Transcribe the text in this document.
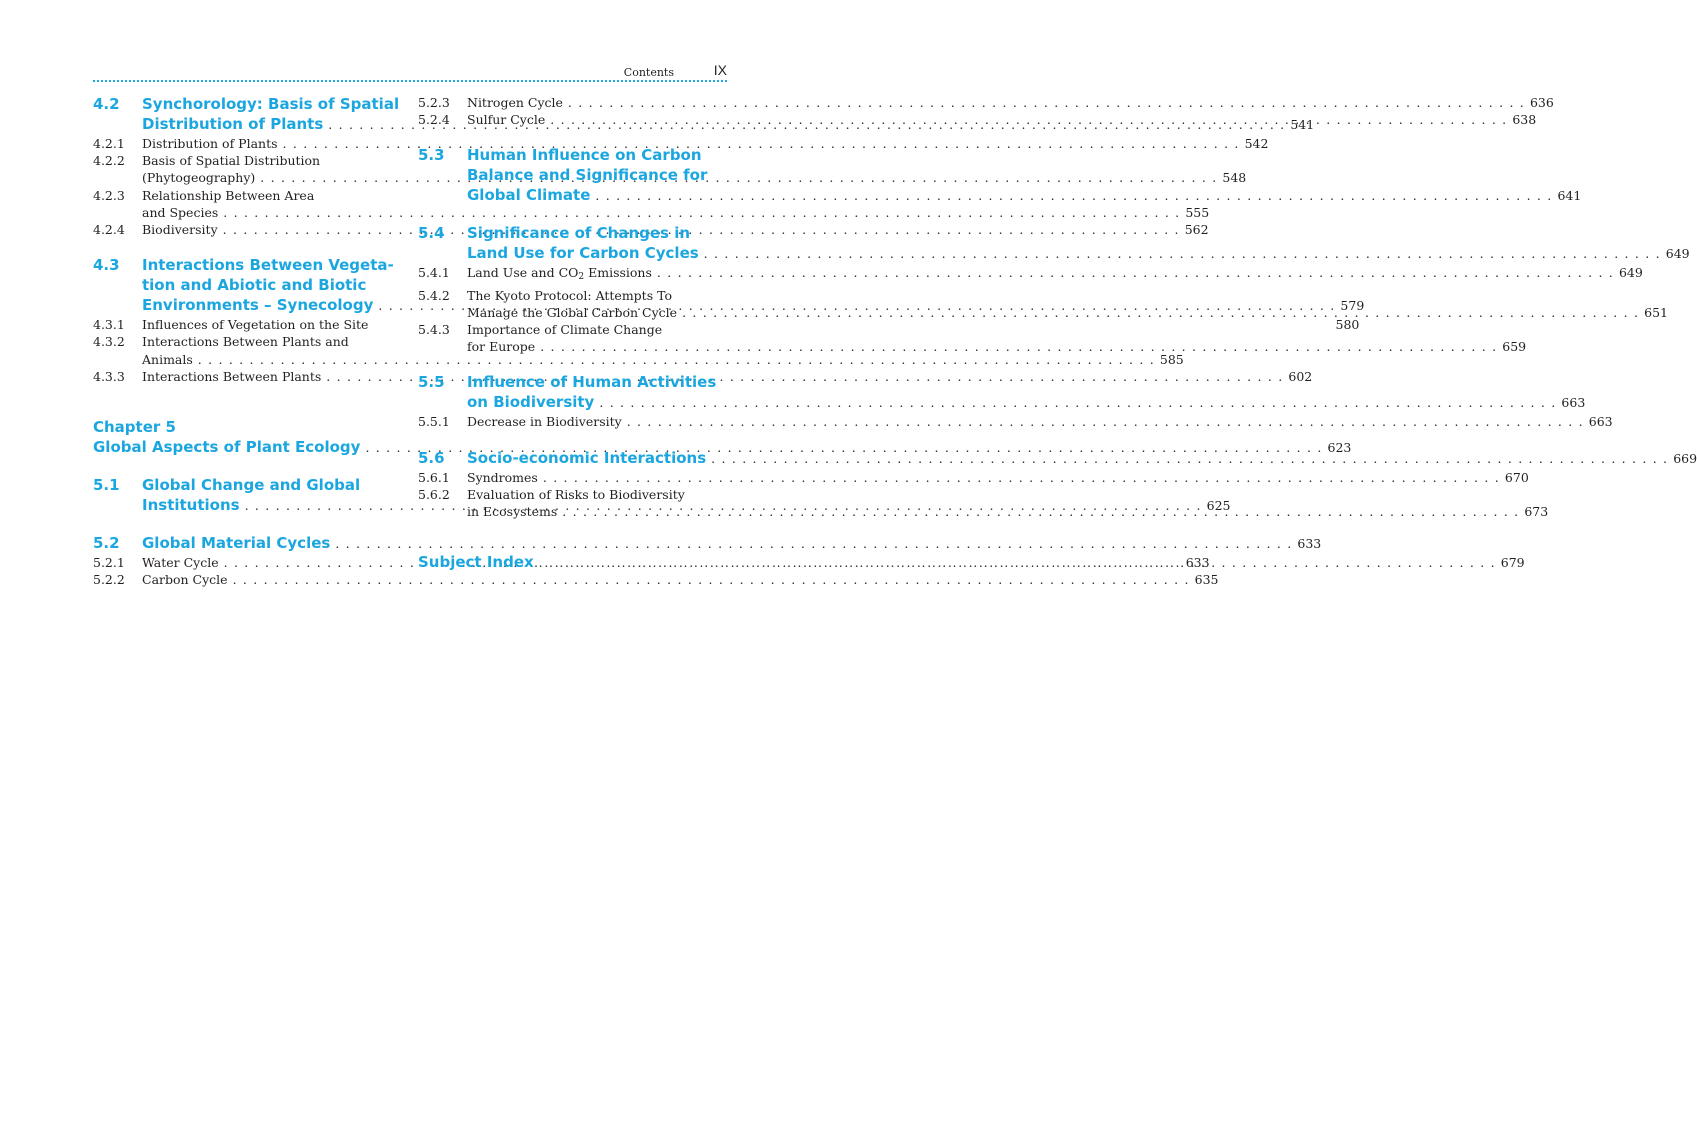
Contents	IX
4.2	Synchorology: Basis of Spatial
Distribution of Plants . . .	541
4.2.1	Distribution of Plants . . .	542
4.2.2	Basis of Spatial Distribution
(Phytogeography) . . .	548
4.2.3	Relationship Between Area
and Species . . .	555
4.2.4	Biodiversity . . .	562
4.3	Interactions Between Vegeta-
tion and Abiotic and Biotic
Environments – Synecology . . .	579
4.3.1	Influences of Vegetation on the Site	580
4.3.2	Interactions Between Plants and
Animals . . .	585
4.3.3	Interactions Between Plants . . .	602
Chapter 5
Global Aspects of Plant Ecology . . .	623
5.1	Global Change and Global
Institutions . . .	625
5.2	Global Material Cycles . . .	633
5.2.1	Water Cycle . . .	633
5.2.2	Carbon Cycle . . .	635
5.2.3	Nitrogen Cycle . . .	636
5.2.4	Sulfur Cycle . . .	638
5.3	Human Influence on Carbon
Balance and Significance for
Global Climate . . .	641
5.4	Significance of Changes in
Land Use for Carbon Cycles . . .	649
5.4.1	Land Use and $CO_2$ Emissions . . .	649
5.4.2	The Kyoto Protocol: Attempts To
Manage the Global Carbon Cycle . . .	651
5.4.3	Importance of Climate Change
for Europe . . .	659
5.5	Influence of Human Activities
on Biodiversity . . .	663
5.5.1	Decrease in Biodiversity . . .	663
5.6	Socio-economic Interactions . . .	669
5.6.1	Syndromes . . .	670
5.6.2	Evaluation of Risks to Biodiversity
in Ecosystems . . .	673
Subject Index . . .	679
